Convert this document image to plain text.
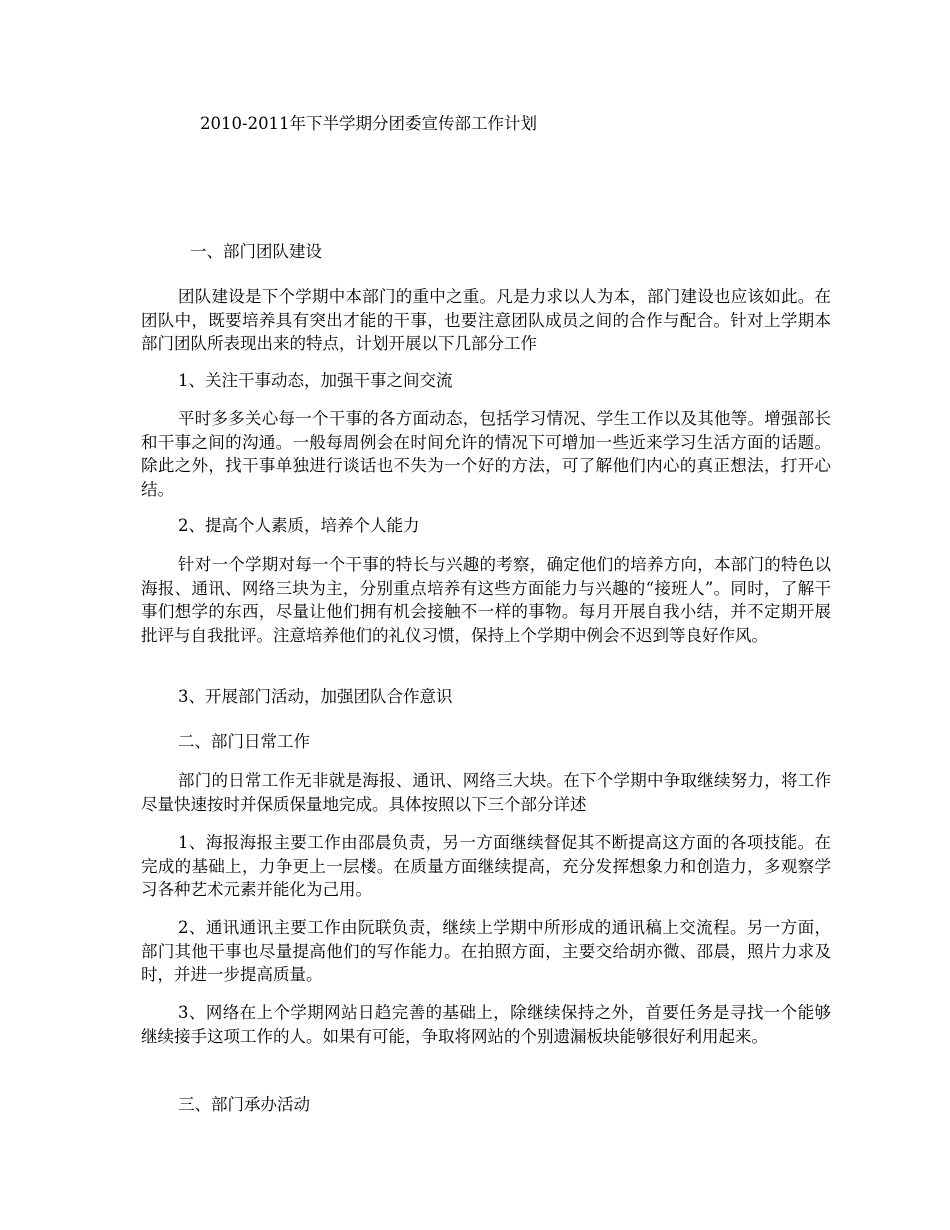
2010-2011年下半学期分团委宣传部工作计划
一、部门团队建设
团队建设是下个学期中本部门的重中之重。凡是力求以人为本，部门建设也应该如此。在团队中，既要培养具有突出才能的干事，也要注意团队成员之间的合作与配合。针对上学期本部门团队所表现出来的特点，计划开展以下几部分工作
1、关注干事动态，加强干事之间交流
平时多多关心每一个干事的各方面动态，包括学习情况、学生工作以及其他等。增强部长和干事之间的沟通。一般每周例会在时间允许的情况下可增加一些近来学习生活方面的话题。除此之外，找干事单独进行谈话也不失为一个好的方法，可了解他们内心的真正想法，打开心结。
2、提高个人素质，培养个人能力
针对一个学期对每一个干事的特长与兴趣的考察，确定他们的培养方向，本部门的特色以海报、通讯、网络三块为主，分别重点培养有这些方面能力与兴趣的“接班人”。同时，了解干事们想学的东西，尽量让他们拥有机会接触不一样的事物。每月开展自我小结，并不定期开展批评与自我批评。注意培养他们的礼仪习惯，保持上个学期中例会不迟到等良好作风。
3、开展部门活动，加强团队合作意识
二、部门日常工作
部门的日常工作无非就是海报、通讯、网络三大块。在下个学期中争取继续努力，将工作尽量快速按时并保质保量地完成。具体按照以下三个部分详述
1、海报海报主要工作由邵晨负责，另一方面继续督促其不断提高这方面的各项技能。在完成的基础上，力争更上一层楼。在质量方面继续提高，充分发挥想象力和创造力，多观察学习各种艺术元素并能化为己用。
2、通讯通讯主要工作由阮联负责，继续上学期中所形成的通讯稿上交流程。另一方面，部门其他干事也尽量提高他们的写作能力。在拍照方面，主要交给胡亦微、邵晨，照片力求及时，并进一步提高质量。
3、网络在上个学期网站日趋完善的基础上，除继续保持之外，首要任务是寻找一个能够继续接手这项工作的人。如果有可能，争取将网站的个别遗漏板块能够很好利用起来。
三、部门承办活动
